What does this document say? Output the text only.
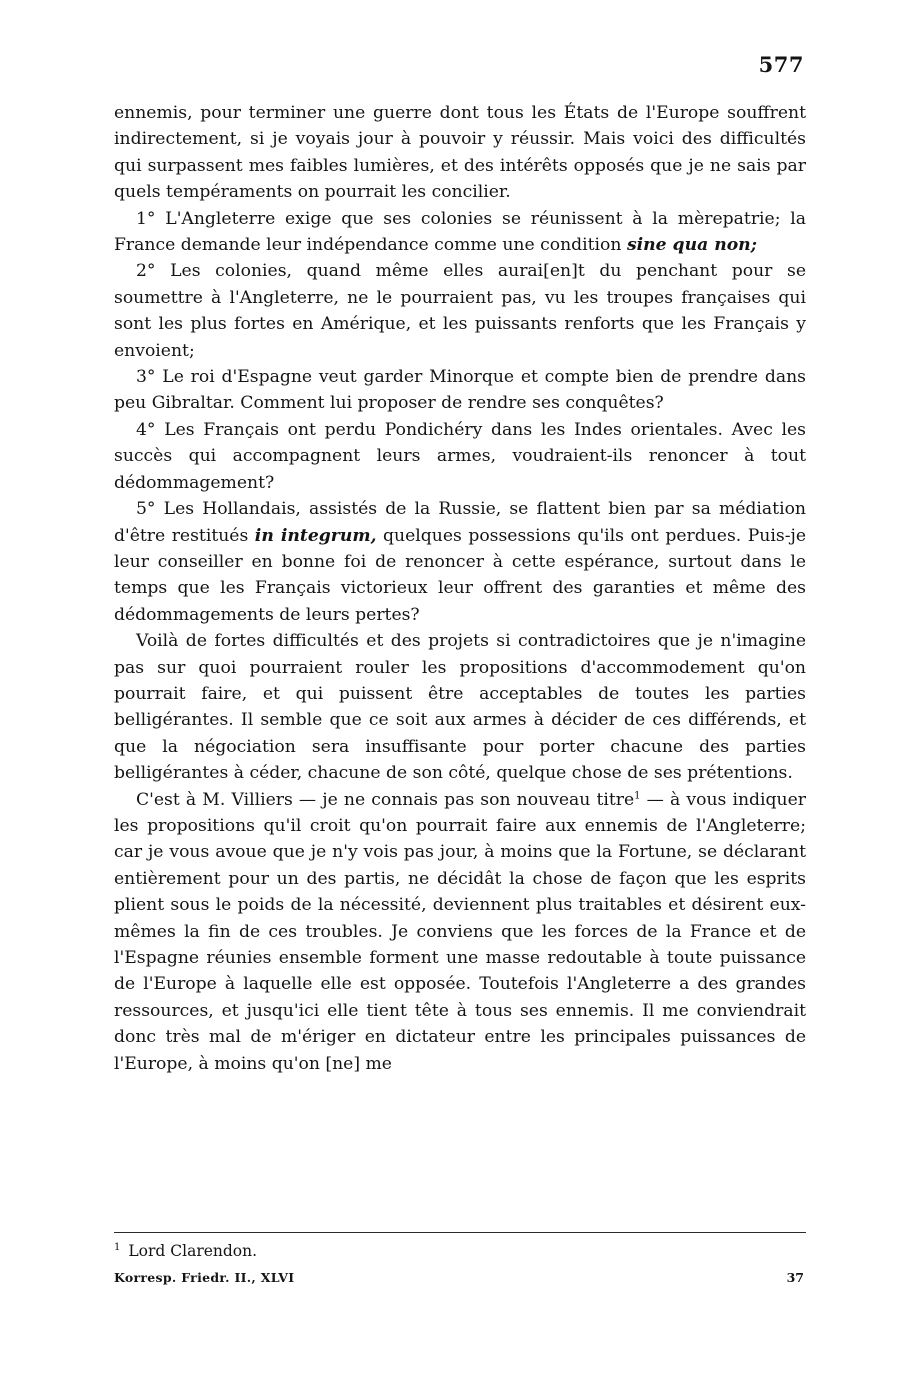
577

ennemis, pour terminer une guerre dont tous les États de l'Europe souffrent indirectement, si je voyais jour à pouvoir y réussir. Mais voici des difficultés qui surpassent mes faibles lumières, et des intérêts opposés que je ne sais par quels tempéraments on pourrait les concilier.

1° L'Angleterre exige que ses colonies se réunissent à la mèrepatrie; la France demande leur indépendance comme une condition sine qua non;

2° Les colonies, quand même elles aurai[en]t du penchant pour se soumettre à l'Angleterre, ne le pourraient pas, vu les troupes françaises qui sont les plus fortes en Amérique, et les puissants renforts que les Français y envoient;

3° Le roi d'Espagne veut garder Minorque et compte bien de prendre dans peu Gibraltar. Comment lui proposer de rendre ses conquêtes?

4° Les Français ont perdu Pondichéry dans les Indes orientales. Avec les succès qui accompagnent leurs armes, voudraient-ils renoncer à tout dédommagement?

5° Les Hollandais, assistés de la Russie, se flattent bien par sa médiation d'être restitués in integrum, quelques possessions qu'ils ont perdues. Puis-je leur conseiller en bonne foi de renoncer à cette espérance, surtout dans le temps que les Français victorieux leur offrent des garanties et même des dédommagements de leurs pertes?

Voilà de fortes difficultés et des projets si contradictoires que je n'imagine pas sur quoi pourraient rouler les propositions d'accommodement qu'on pourrait faire, et qui puissent être acceptables de toutes les parties belligérantes. Il semble que ce soit aux armes à décider de ces différends, et que la négociation sera insuffisante pour porter chacune des parties belligérantes à céder, chacune de son côté, quelque chose de ses prétentions.

C'est à M. Villiers — je ne connais pas son nouveau titre$^1$ — à vous indiquer les propositions qu'il croit qu'on pourrait faire aux ennemis de l'Angleterre; car je vous avoue que je n'y vois pas jour, à moins que la Fortune, se déclarant entièrement pour un des partis, ne décidât la chose de façon que les esprits plient sous le poids de la nécessité, deviennent plus traitables et désirent eux-mêmes la fin de ces troubles. Je conviens que les forces de la France et de l'Espagne réunies ensemble forment une masse redoutable à toute puissance de l'Europe à laquelle elle est opposée. Toutefois l'Angleterre a des grandes ressources, et jusqu'ici elle tient tête à tous ses ennemis. Il me conviendrait donc très mal de m'ériger en dictateur entre les principales puissances de l'Europe, à moins qu'on [ne] me

$^1$ Lord Clarendon.
Korresp. Friedr. II., XLVI	37
